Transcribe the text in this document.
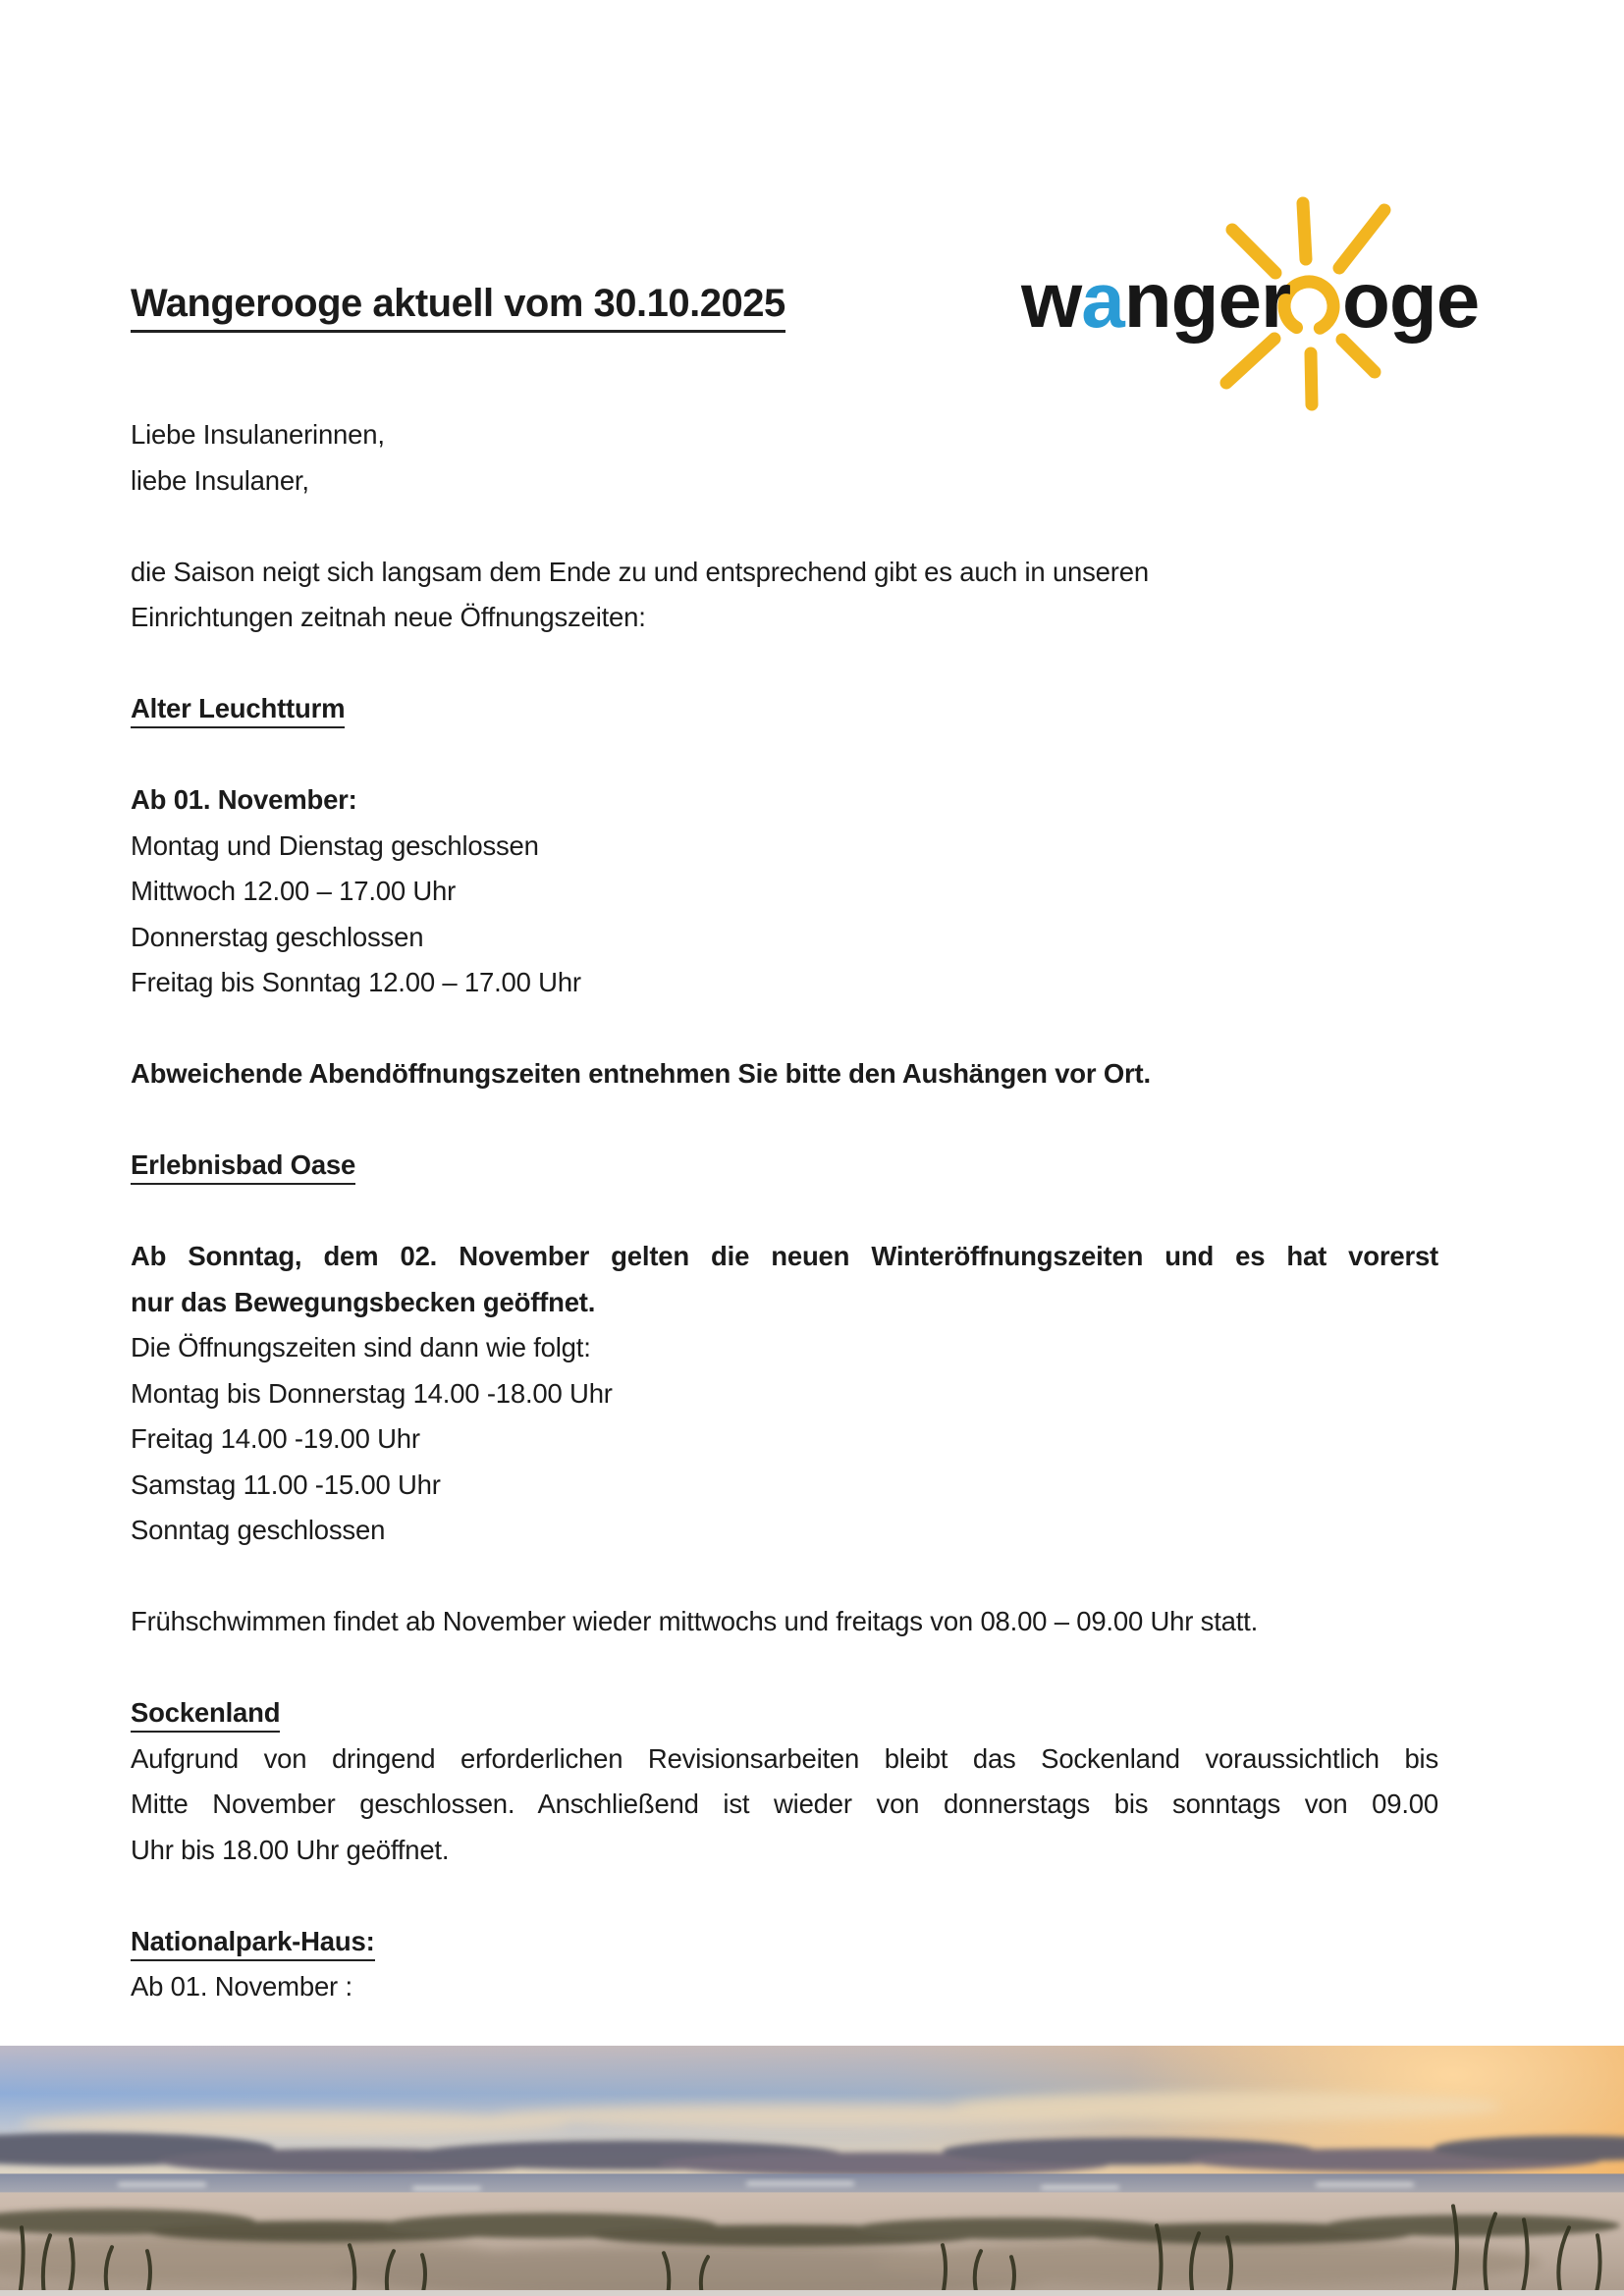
Wangerooge aktuell vom 30.10.2025	wanger oge
Liebe Insulanerinnen,
liebe Insulaner,
die Saison neigt sich langsam dem Ende zu und entsprechend gibt es auch in unseren
Einrichtungen zeitnah neue Öffnungszeiten:
Alter Leuchtturm
Ab 01. November:
Montag und Dienstag geschlossen
Mittwoch 12.00 – 17.00 Uhr
Donnerstag geschlossen
Freitag bis Sonntag 12.00 – 17.00 Uhr
Abweichende Abendöffnungszeiten entnehmen Sie bitte den Aushängen vor Ort.
Erlebnisbad Oase
Ab Sonntag, dem 02. November gelten die neuen Winteröffnungszeiten und es hat vorerst
nur das Bewegungsbecken geöffnet.
Die Öffnungszeiten sind dann wie folgt:
Montag bis Donnerstag 14.00 -18.00 Uhr
Freitag 14.00 -19.00 Uhr
Samstag 11.00 -15.00 Uhr
Sonntag geschlossen
Frühschwimmen findet ab November wieder mittwochs und freitags von 08.00 – 09.00 Uhr statt.
Sockenland
Aufgrund von dringend erforderlichen Revisionsarbeiten bleibt das Sockenland voraussichtlich bis
Mitte November geschlossen. Anschließend ist wieder von donnerstags bis sonntags von 09.00
Uhr bis 18.00 Uhr geöffnet.
Nationalpark-Haus:
Ab 01. November :
